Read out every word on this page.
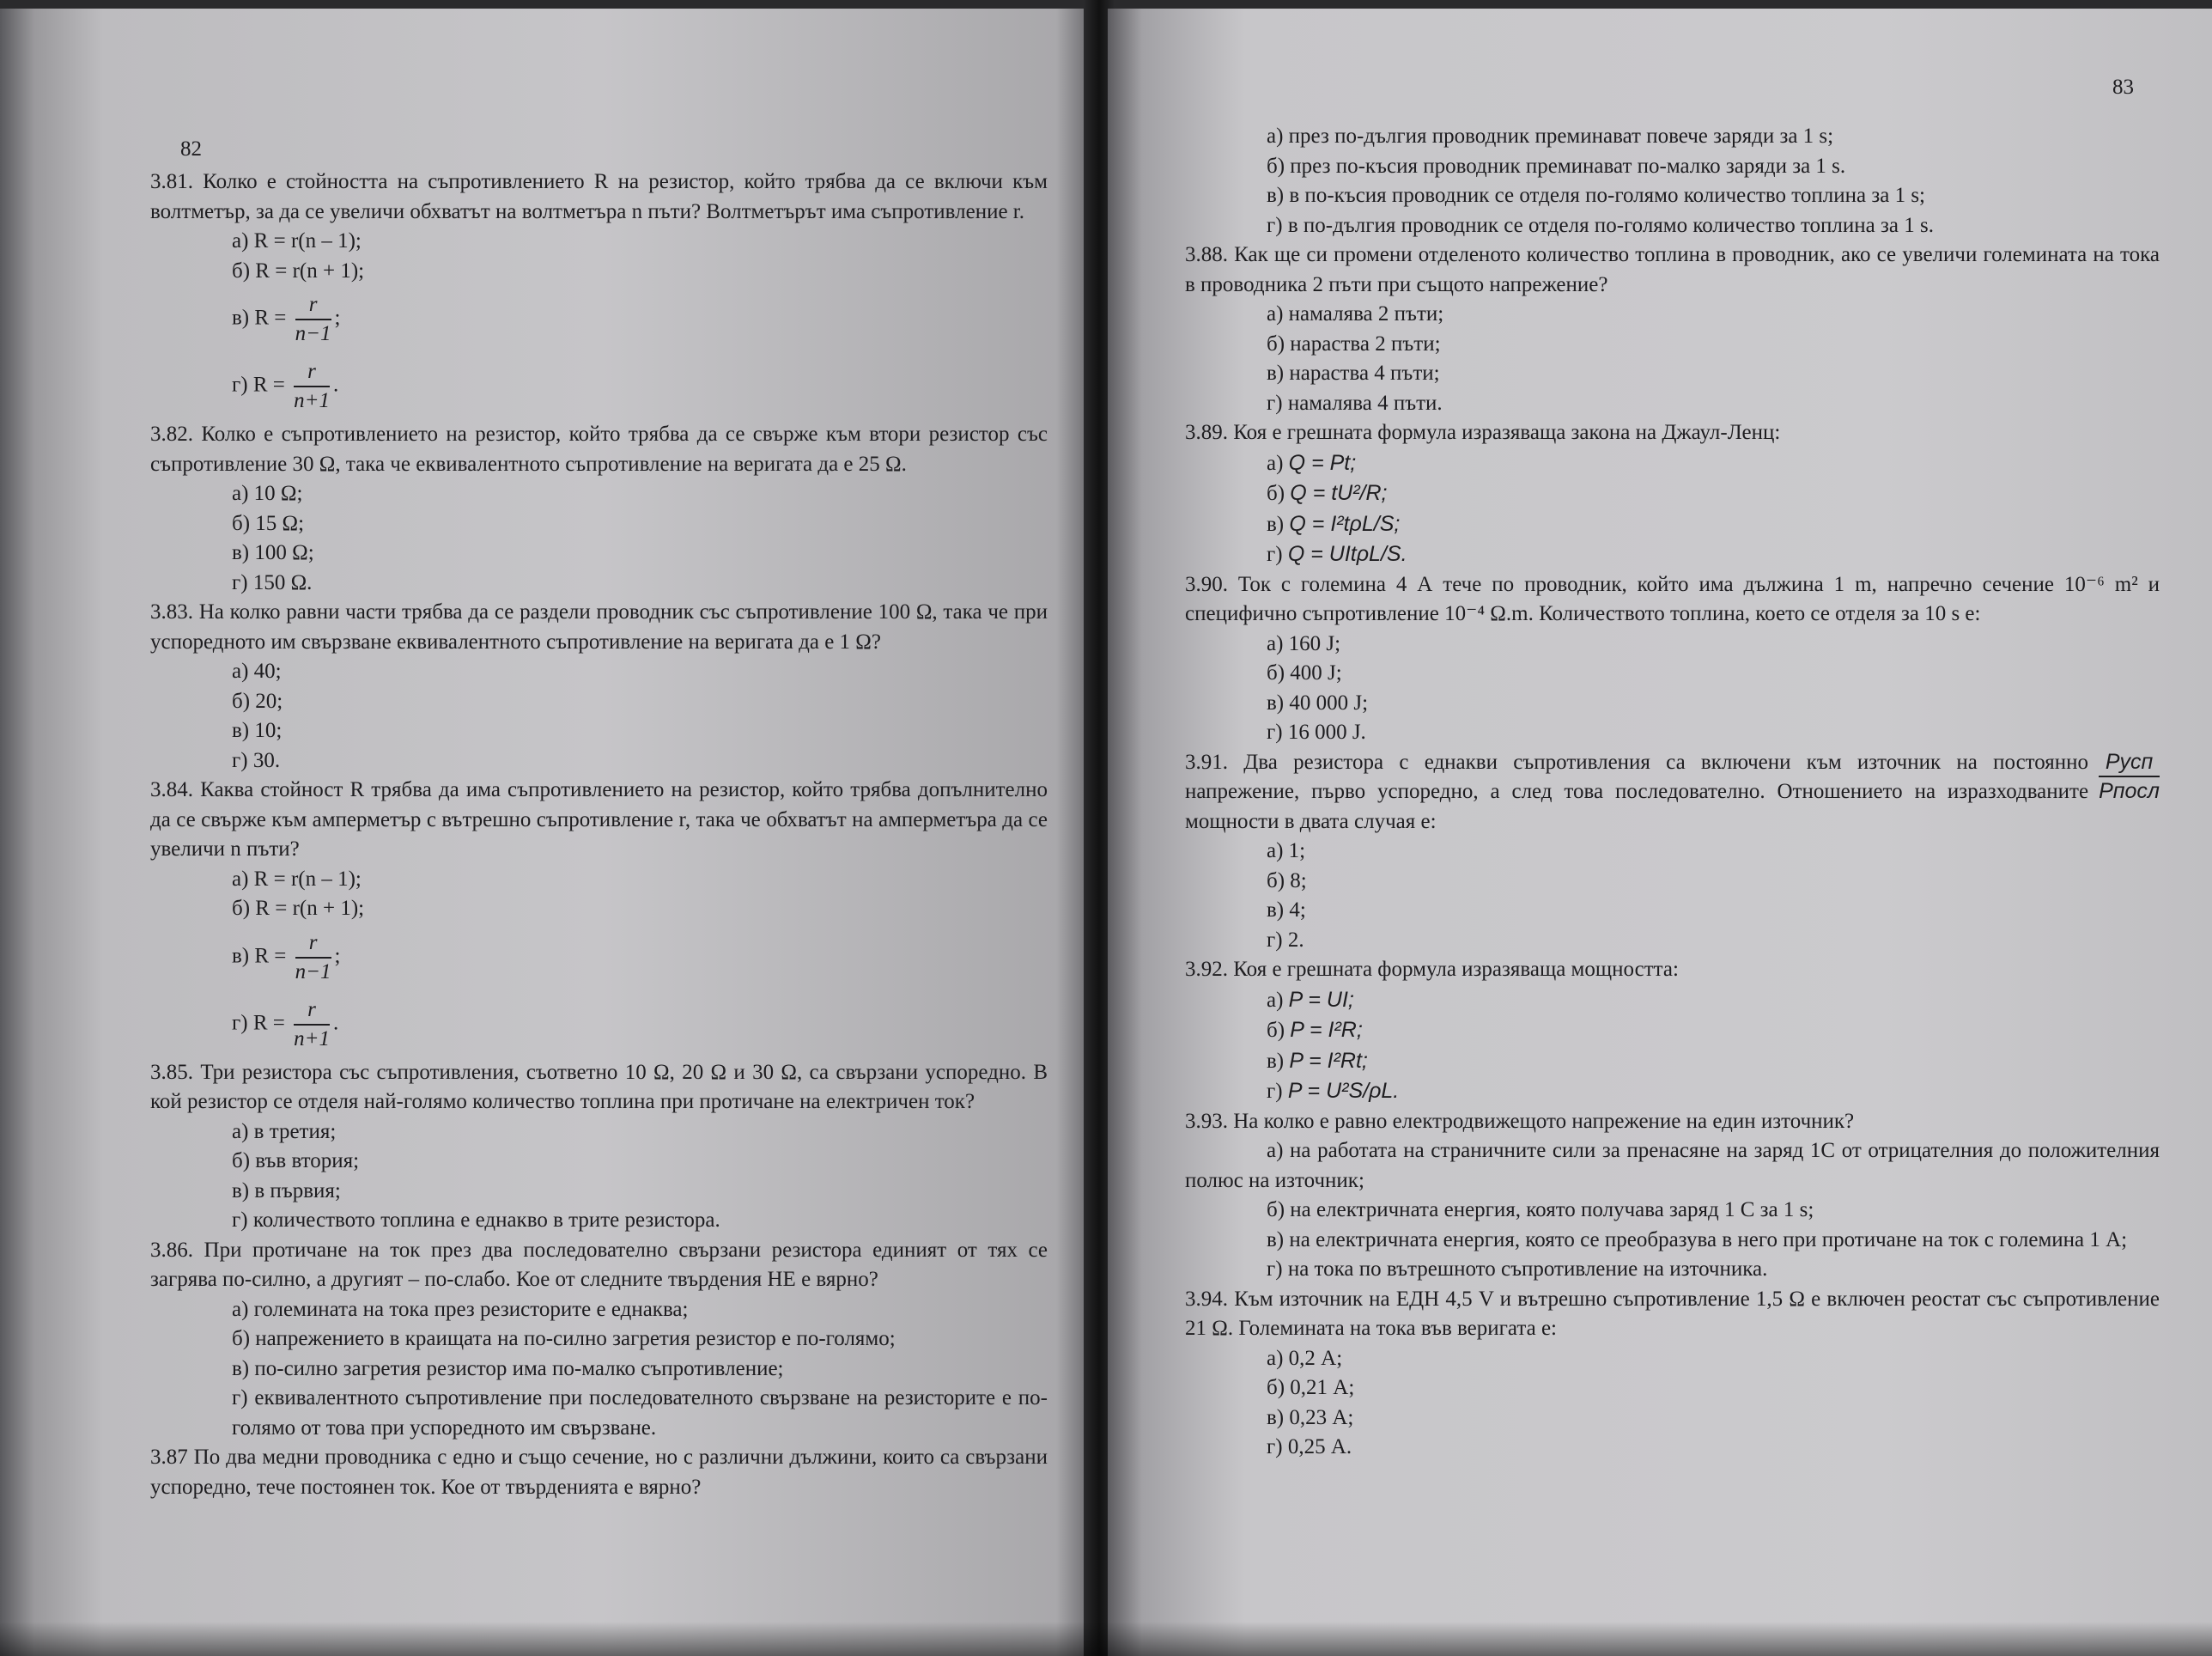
82

3.81. Колко е стойността на съпротивлението R на резистор, който трябва да се включи към волтметър, за да се увеличи обхватът на волтметъра n пъти? Волтметърът има съпротивление r.

а) R = r(n – 1);

б) R = r(n + 1);

в) $R = \frac{r}{n-1}$ ;

г) $R = \frac{r}{n+1}$ .

3.82. Колко е съпротивлението на резистор, който трябва да се свърже към втори резистор със съпротивление 30 Ω, така че еквивалентното съпротивление на веригата да е 25 Ω.

а) 10 Ω;

б) 15 Ω;

в) 100 Ω;

г) 150 Ω.

3.83. На колко равни части трябва да се раздели проводник със съпротивление 100 Ω, така че при успоредното им свързване еквивалентното съпротивление на веригата да е 1 Ω?

а) 40;

б) 20;

в) 10;

г) 30.

3.84. Каква стойност R трябва да има съпротивлението на резистор, който трябва допълнително да се свърже към амперметър с вътрешно съпротивление r, така че обхватът на амперметъра да се увеличи n пъти?

а) R = r(n – 1);

б) R = r(n + 1);

в) $R = \frac{r}{n-1}$ ;

г) $R = \frac{r}{n+1}$ .

3.85. Три резистора със съпротивления, съответно 10 Ω, 20 Ω и 30 Ω, са свързани успоредно. В кой резистор се отделя най-голямо количество топлина при протичане на електричен ток?

а) в третия;

б) във втория;

в) в първия;

г) количеството топлина е еднакво в трите резистора.

3.86. При протичане на ток през два последователно свързани резистора единият от тях се загрява по-силно, а другият – по-слабо. Кое от следните твърдения НЕ е вярно?

а) големината на тока през резисторите е еднаква;

б) напрежението в краищата на по-силно загретия резистор е по-голямо;

в) по-силно загретия резистор има по-малко съпротивление;

г) еквивалентното съпротивление при последователното свързване на резисторите е по-голямо от това при успоредното им свързване.

3.87 По два медни проводника с едно и също сечение, но с различни дължини, които са свързани успоредно, тече постоянен ток. Кое от твърденията е вярно?

83

а) през по-дългия проводник преминават повече заряди за 1 s;

б) през по-късия проводник преминават по-малко заряди за 1 s.

в) в по-късия проводник се отделя по-голямо количество топлина за 1 s;

г) в по-дългия проводник се отделя по-голямо количество топлина за 1 s.

3.88. Как ще си промени отделеното количество топлина в проводник, ако се увеличи големината на тока в проводника 2 пъти при същото напрежение?

а) намалява 2 пъти;

б) нараства 2 пъти;

в) нараства 4 пъти;

г) намалява 4 пъти.

3.89. Коя е грешната формула изразяваща закона на Джаул-Ленц:

а) Q = Pt;

б) Q = tU²/R;

в) Q = I²tρL/S;

г) Q = UItρL/S.

3.90. Ток с големина 4 А тече по проводник, който има дължина 1 m, напречно сечение 10⁻⁶ m² и специфично съпротивление 10⁻⁴ Ω.m. Количеството топлина, което се отделя за 10 s е:

а) 160 J;

б) 400 J;

в) 40 000 J;

г) 16 000 J.

Pусп
Pпосл
3.91. Два резистора с еднакви съпротивления са включени към източник на постоянно напрежение, първо успоредно, а след това последователно. Отношението на изразходваните мощности в двата случая е:

а) 1;

б) 8;

в) 4;

г) 2.

3.92. Коя е грешната формула изразяваща мощността:

а) P = UI;

б) P = I²R;

в) P = I²Rt;

г) P = U²S/ρL.

3.93. На колко е равно електродвижещото напрежение на един източник?

а) на работата на страничните сили за пренасяне на заряд 1С от отрицателния до положителния полюс на източник;

б) на електричната енергия, която получава заряд 1 С за 1 s;

в) на електричната енергия, която се преобразува в него при протичане на ток с големина 1 А;

г) на тока по вътрешното съпротивление на източника.

3.94. Към източник на ЕДН 4,5 V и вътрешно съпротивление 1,5 Ω е включен реостат със съпротивление 21 Ω. Големината на тока във веригата е:

а) 0,2 А;

б) 0,21 А;

в) 0,23 А;

г) 0,25 А.
